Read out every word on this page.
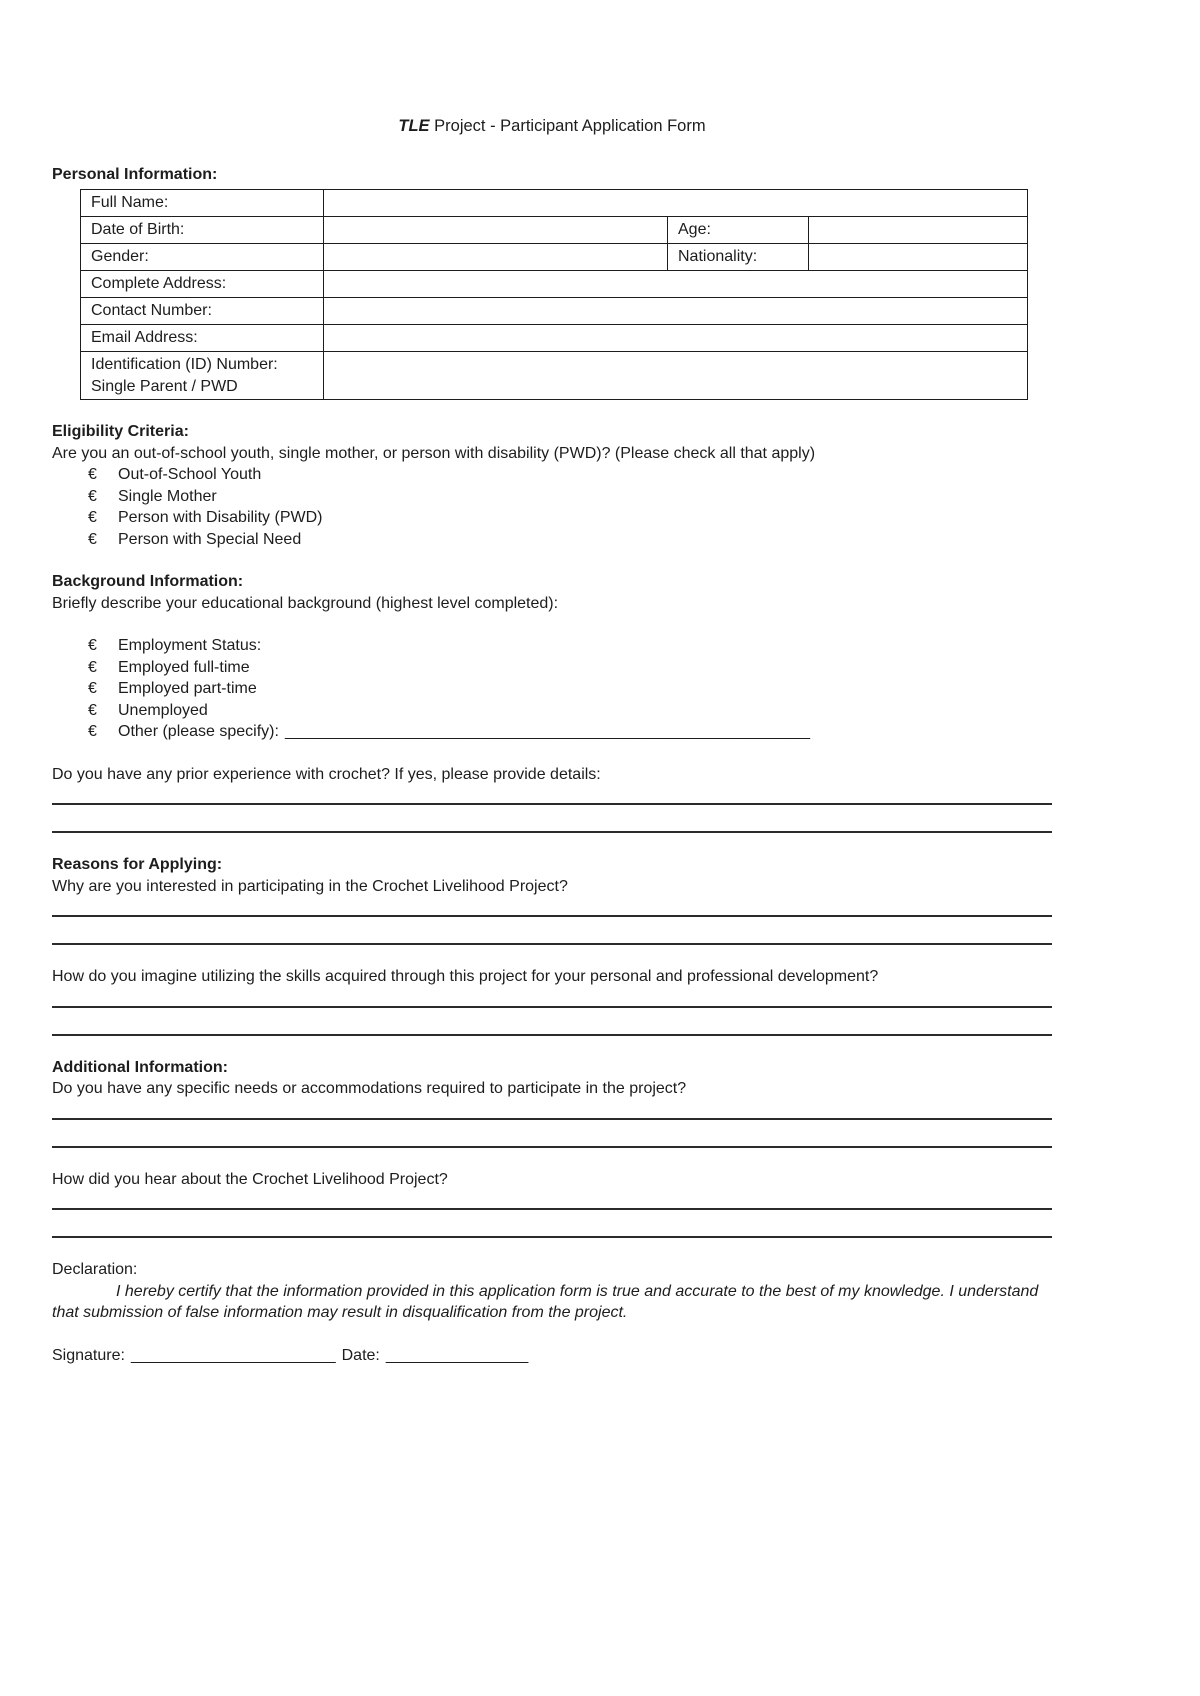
TLE Project - Participant Application Form

Personal Information:

Full Name:			
Date of Birth:		Age:	
Gender:		Nationality:	
Complete Address:			
Contact Number:			
Email Address:			

Identification (ID) Number:
Single Parent / PWD			

Eligibility Criteria:

Are you an out-of-school youth, single mother, or person with disability (PWD)? (Please check all that apply)

€ Out-of-School Youth
€ Single Mother
€ Person with Disability (PWD)
€ Person with Special Need

Background Information:

Briefly describe your educational background (highest level completed):

€ Employment Status:
€ Employed full-time
€ Employed part-time
€ Unemployed
€ Other (please specify): ___________________________________________________________

Do you have any prior experience with crochet? If yes, please provide details:

Reasons for Applying:

Why are you interested in participating in the Crochet Livelihood Project?

How do you imagine utilizing the skills acquired through this project for your personal and professional development?

Additional Information:

Do you have any specific needs or accommodations required to participate in the project?

How did you hear about the Crochet Livelihood Project?

Declaration:

I hereby certify that the information provided in this application form is true and accurate to the best of my knowledge. I understand that submission of false information may result in disqualification from the project.

Signature: _______________________ Date: ________________
